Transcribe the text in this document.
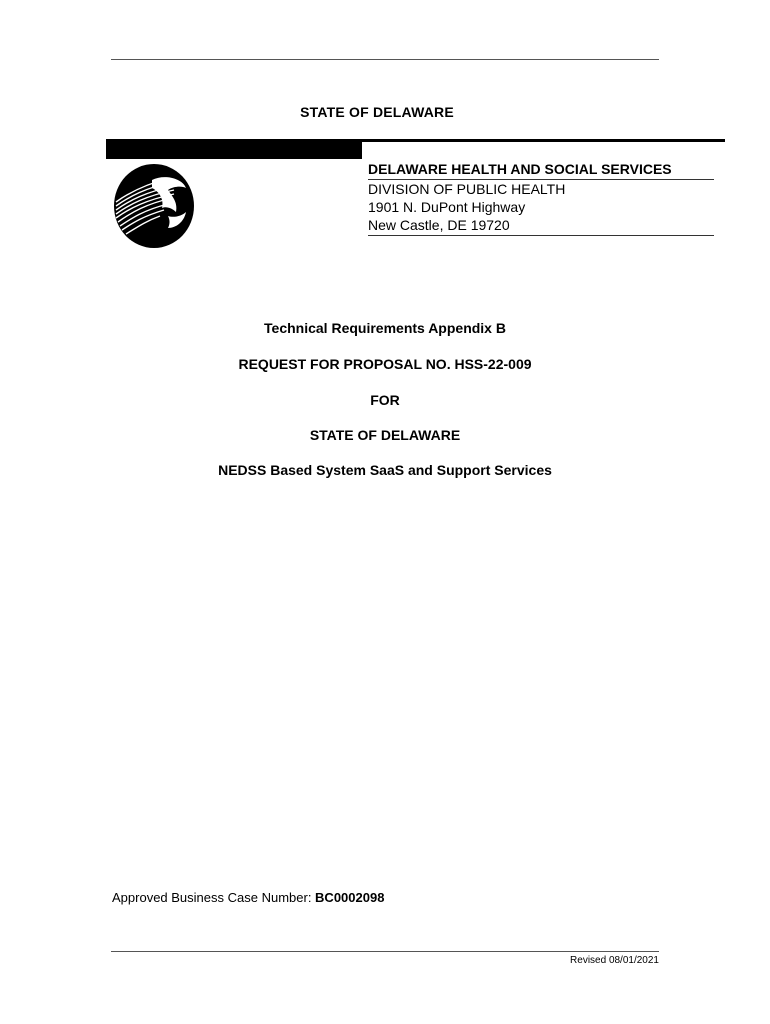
STATE OF DELAWARE
DELAWARE HEALTH AND SOCIAL SERVICES
DIVISION OF PUBLIC HEALTH
1901 N. DuPont Highway
New Castle, DE 19720
Technical Requirements Appendix B
REQUEST FOR PROPOSAL NO. HSS-22-009
FOR
STATE OF DELAWARE
NEDSS Based System SaaS and Support Services
Approved Business Case Number: BC0002098
Revised 08/01/2021
